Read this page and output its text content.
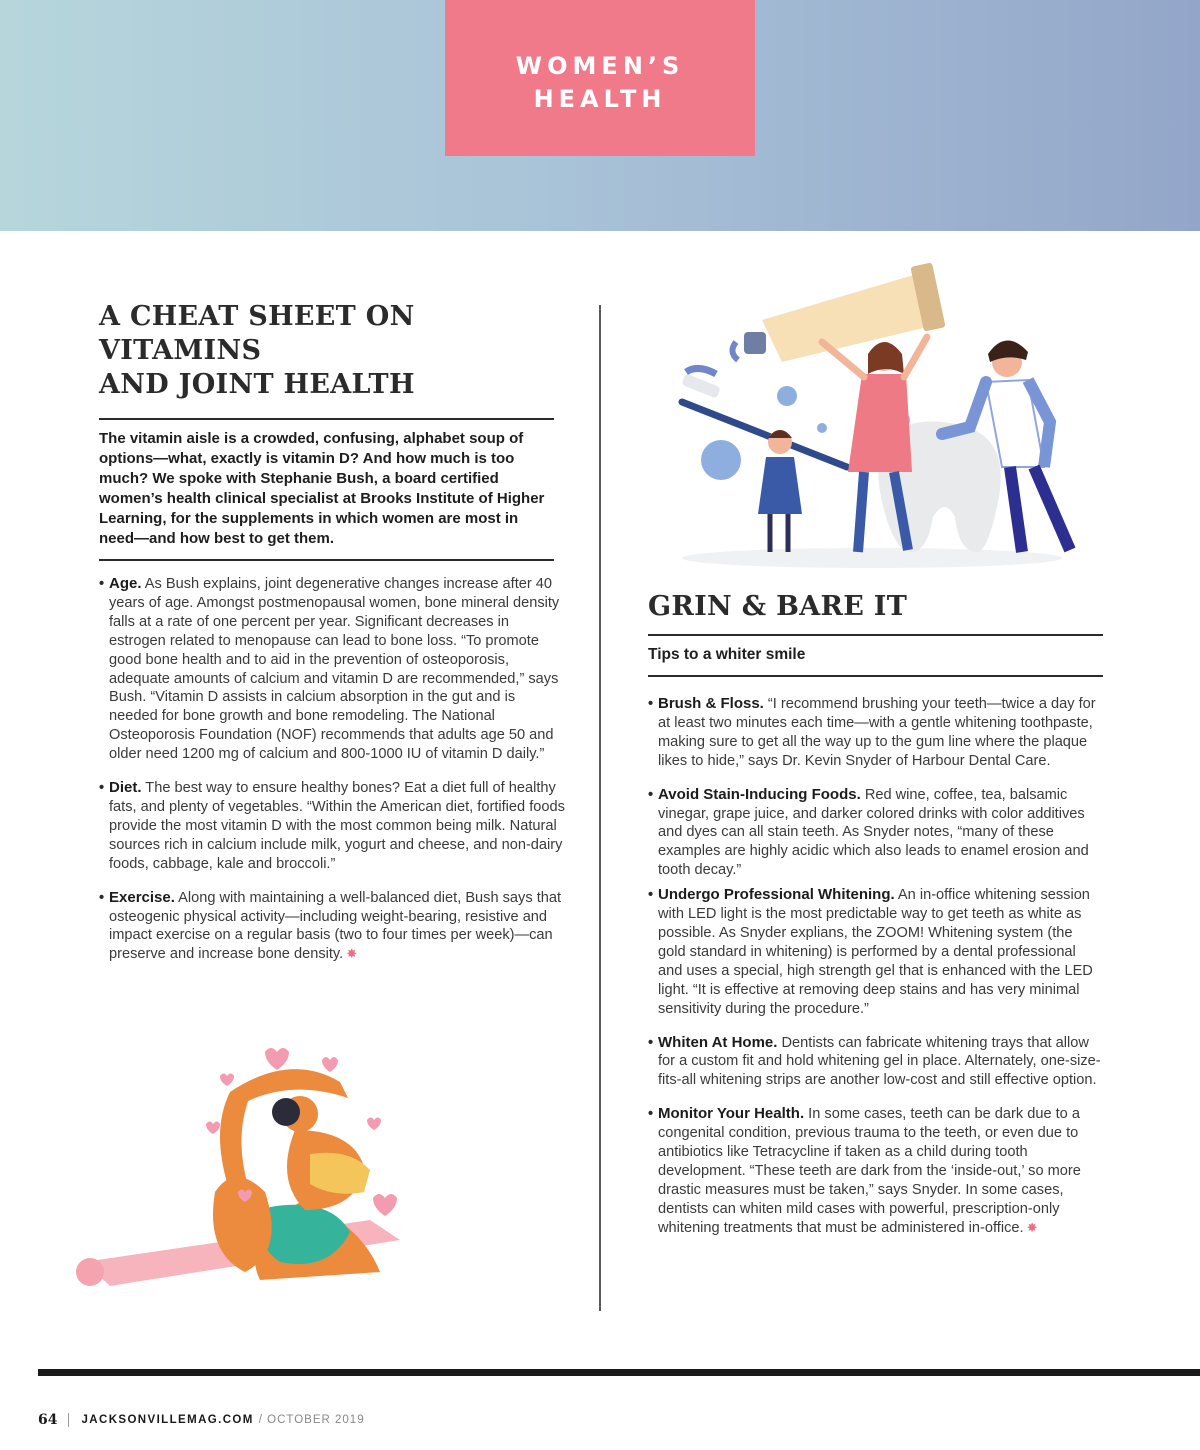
WOMEN’S
HEALTH
A CHEAT SHEET ON VITAMINS
AND JOINT HEALTH

The vitamin aisle is a crowded, confusing, alphabet soup of options—what, exactly is vitamin D? And how much is too much? We spoke with Stephanie Bush, a board certified women’s health clinical specialist at Brooks Institute of Higher Learning, for the supplements in which women are most in need—and how best to get them.

• Age. As Bush explains, joint degenerative changes increase after 40 years of age. Amongst postmenopausal women, bone mineral density falls at a rate of one percent per year. Significant decreases in estrogen related to menopause can lead to bone loss. “To promote good bone health and to aid in the prevention of osteoporosis, adequate amounts of calcium and vitamin D are recommended,” says Bush. “Vitamin D assists in calcium absorption in the gut and is needed for bone growth and bone remodeling. The National Osteoporosis Foundation (NOF) recommends that adults age 50 and older need 1200 mg of calcium and 800-1000 IU of vitamin D daily.”
• Diet. The best way to ensure healthy bones? Eat a diet full of healthy fats, and plenty of vegetables. “Within the American diet, fortified foods provide the most vitamin D with the most common being milk. Natural sources rich in calcium include milk, yogurt and cheese, and non-dairy foods, cabbage, kale and broccoli.”
• Exercise. Along with maintaining a well-balanced diet, Bush says that osteogenic physical activity—including weight-bearing, resistive and impact exercise on a regular basis (two to four times per week)—can preserve and increase bone density. ✸
GRIN & BARE IT

Tips to a whiter smile

• Brush & Floss. “I recommend brushing your teeth—twice a day for at least two minutes each time—with a gentle whitening toothpaste, making sure to get all the way up to the gum line where the plaque likes to hide,” says Dr. Kevin Snyder of Harbour Dental Care.
• Avoid Stain-Inducing Foods. Red wine, coffee, tea, balsamic vinegar, grape juice, and darker colored drinks with color additives and dyes can all stain teeth. As Snyder notes, “many of these examples are highly acidic which also leads to enamel erosion and tooth decay.”
• Undergo Professional Whitening. An in-office whitening session with LED light is the most predictable way to get teeth as white as possible. As Snyder explians, the ZOOM! Whitening system (the gold standard in whitening) is performed by a dental professional and uses a special, high strength gel that is enhanced with the LED light. “It is effective at removing deep stains and has very minimal sensitivity during the procedure.”
• Whiten At Home. Dentists can fabricate whitening trays that allow for a custom fit and hold whitening gel in place. Alternately, one-size-fits-all whitening strips are another low-cost and still effective option.
• Monitor Your Health. In some cases, teeth can be dark due to a congenital condition, previous trauma to the teeth, or even due to antibiotics like Tetracycline if taken as a child during tooth development. “These teeth are dark from the ‘inside-out,’ so more drastic measures must be taken,” says Snyder. In some cases, dentists can whiten mild cases with powerful, prescription-only whitening treatments that must be administered in-office. ✸
64 JACKSONVILLEMAG.COM / OCTOBER 2019
